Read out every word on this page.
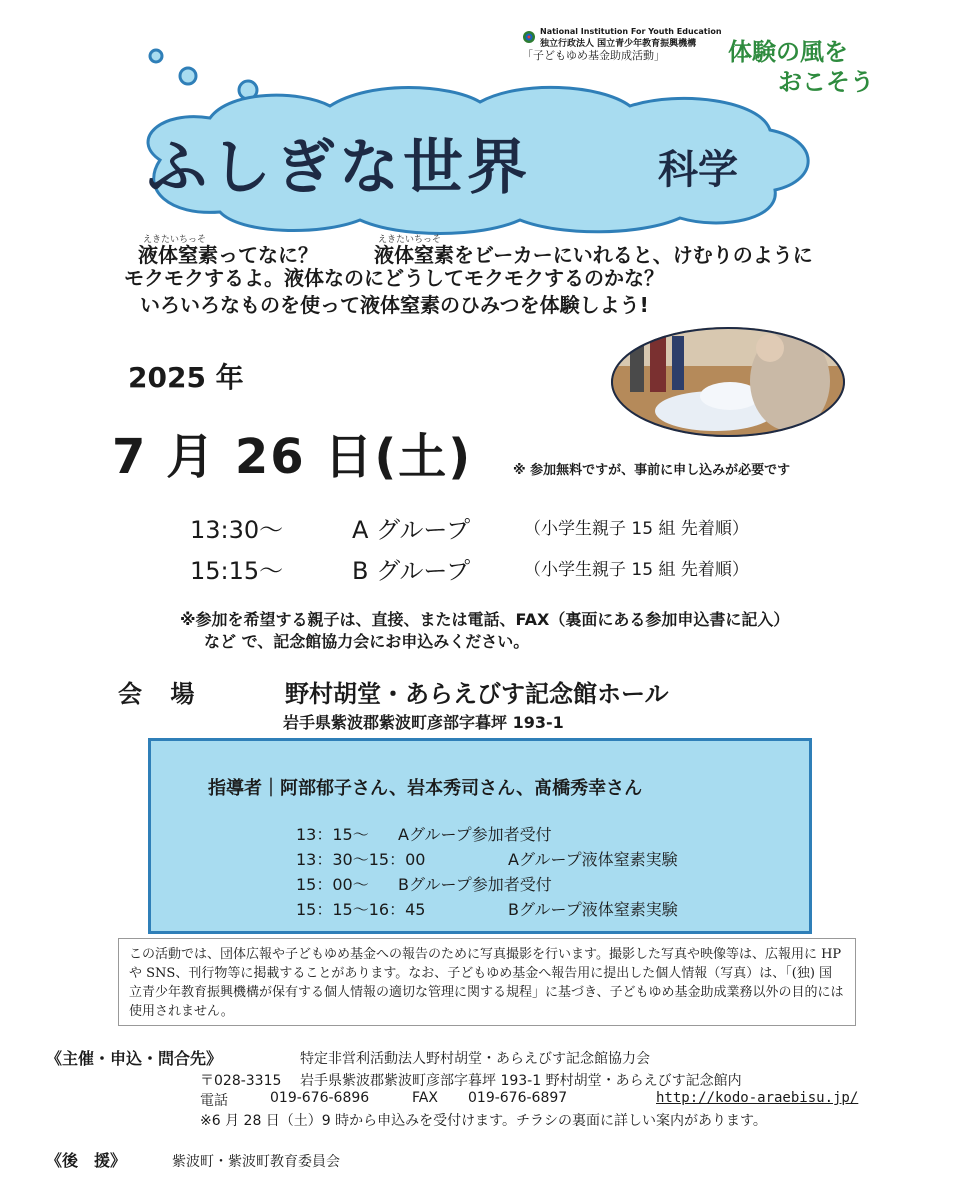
National Institution For Youth Education
独立行政法人 国立青少年教育振興機構
「子どもゆめ基金助成活動」	体験の風を
おこそう
ふしぎな世界	科学
えきたいちっそ	えきたいちっそ
液体窒素ってなに？	液体窒素をビーカーにいれると、けむりのように
モクモクするよ。液体なのにどうしてモクモクするのかな？
いろいろなものを使って液体窒素のひみつを体験しよう!
2025 年
7 月 26 日(土)	※ 参加無料ですが、事前に申し込みが必要です
13:30～	A グループ	（小学生親子 15 組 先着順）
15:15～	B グループ	（小学生親子 15 組 先着順）
※参加を希望する親子は、直接、または電話、FAX（裏面にある参加申込書に記入）
など で、記念館協力会にお申込みください。
会 場	野村胡堂・あらえびす記念館ホール
岩手県紫波郡紫波町彦部字暮坪 193-1
指導者｜阿部郁子さん、岩本秀司さん、髙橋秀幸さん
13：15～ Aグループ参加者受付
13：30～15：00	Aグループ液体窒素実験
15：00～ Bグループ参加者受付
15：15～16：45	Bグループ液体窒素実験
この活動では、団体広報や子どもゆめ基金への報告のために写真撮影を行います。撮影した写真や映像等は、広報用に HP や SNS、刊行物等に掲載することがあります。なお、子どもゆめ基金へ報告用に提出した個人情報（写真）は、「(独) 国立青少年教育振興機構が保有する個人情報の適切な管理に関する規程」に基づき、子どもゆめ基金助成業務以外の目的には使用されません。
《主催・申込・問合先》	特定非営利活動法人野村胡堂・あらえびす記念館協力会
〒028-3315 岩手県紫波郡紫波町彦部字暮坪 193-1 野村胡堂・あらえびす記念館内
電話	019-676-6896	FAX 019-676-6897	http://kodo-araebisu.jp/
※6 月 28 日（土）9 時から申込みを受付けます。チラシの裏面に詳しい案内があります。
《後　援》	紫波町・紫波町教育委員会
